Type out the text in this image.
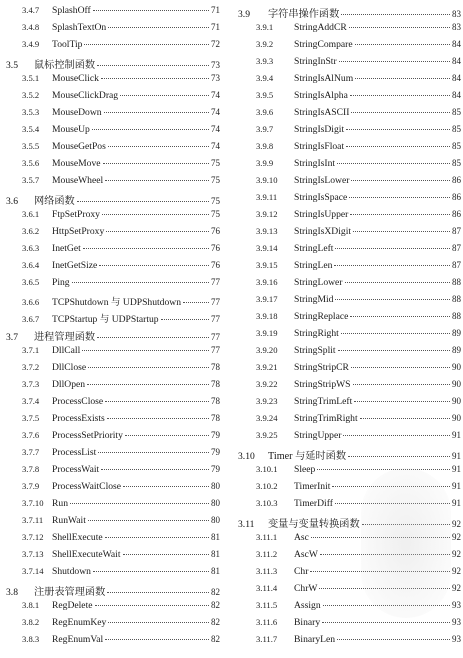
3.4.7	SplashOff	71
3.4.8	SplashTextOn	71
3.4.9	ToolTip	72
3.5	鼠标控制函数	73
3.5.1	MouseClick	73
3.5.2	MouseClickDrag	74
3.5.3	MouseDown	74
3.5.4	MouseUp	74
3.5.5	MouseGetPos	74
3.5.6	MouseMove	75
3.5.7	MouseWheel	75
3.6	网络函数	75
3.6.1	FtpSetProxy	75
3.6.2	HttpSetProxy	76
3.6.3	InetGet	76
3.6.4	InetGetSize	76
3.6.5	Ping	77
3.6.6	TCPShutdown 与 UDPShutdown	77
3.6.7	TCPStartup 与 UDPStartup	77
3.7	进程管理函数	77
3.7.1	DllCall	77
3.7.2	DllClose	78
3.7.3	DllOpen	78
3.7.4	ProcessClose	78
3.7.5	ProcessExists	78
3.7.6	ProcessSetPriority	79
3.7.7	ProcessList	79
3.7.8	ProcessWait	79
3.7.9	ProcessWaitClose	80
3.7.10 Run	80
3.7.11 RunWait	80
3.7.12 ShellExecute	81
3.7.13 ShellExecuteWait	81
3.7.14 Shutdown	81
3.8	注册表管理函数	82
3.8.1	RegDelete	82
3.8.2	RegEnumKey	82
3.8.3	RegEnumVal	82
3.9	字符串操作函数	83
3.9.1	StringAddCR	83
3.9.2	StringCompare	84
3.9.3	StringInStr	84
3.9.4	StringIsAlNum	84
3.9.5	StringIsAlpha	84
3.9.6	StringIsASCII	85
3.9.7	StringIsDigit	85
3.9.8	StringIsFloat	85
3.9.9	StringIsInt	85
3.9.10	StringIsLower	86
3.9.11	StringIsSpace	86
3.9.12	StringIsUpper	86
3.9.13	StringIsXDigit	87
3.9.14	StringLeft	87
3.9.15	StringLen	87
3.9.16	StringLower	88
3.9.17	StringMid	88
3.9.18	StringReplace	88
3.9.19	StringRight	89
3.9.20	StringSplit	89
3.9.21	StringStripCR	90
3.9.22	StringStripWS	90
3.9.23	StringTrimLeft	90
3.9.24	StringTrimRight	90
3.9.25	StringUpper	91
3.10	Timer 与延时函数	91
3.10.1	Sleep	91
3.10.2	TimerInit	91
3.10.3	TimerDiff	91
3.11	变量与变量转换函数	92
3.11.1	Asc	92
3.11.2	AscW	92
3.11.3	Chr	92
3.11.4	ChrW	92
3.11.5	Assign	93
3.11.6	Binary	93
3.11.7	BinaryLen	93
